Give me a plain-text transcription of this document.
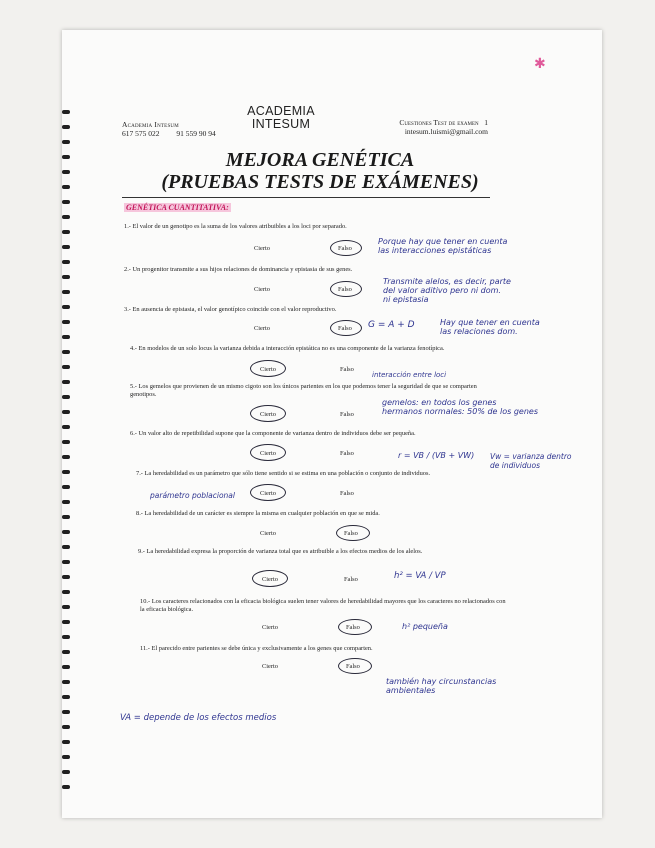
✱
Academia Intesum
617 575 022 91 559 90 94
ACADEMIA
INTESUM	Cuestiones Test de examen 1
intesum.luismi@gmail.com
MEJORA GENÉTICA
(PRUEBAS TESTS DE EXÁMENES)
GENÉTICA CUANTITATIVA:
1.- El valor de un genotipo es la suma de los valores atribuibles a los loci por separado.
Cierto	Falso
Porque hay que tener en cuenta
las interacciones epistáticas
2.- Un progenitor transmite a sus hijos relaciones de dominancia y epistasia de sus genes.
Cierto	Falso
Transmite alelos, es decir, parte
del valor aditivo pero ni dom.
ni epistasia
3.- En ausencia de epistasia, el valor genotípico coincide con el valor reproductivo.
Cierto	Falso G = A + D	Hay que tener en cuenta
las relaciones dom.
4.- En modelos de un solo locus la varianza debida a interacción epistática no es una componente de la varianza fenotípica.
Cierto	Falso
interacción entre loci
5.- Los gemelos que provienen de un mismo cigoto son los únicos parientes en los que podemos tener la seguridad de que se comparten genotipos.
Cierto	Falso
gemelos: en todos los genes
hermanos normales: 50% de los genes
6.- Un valor alto de repetibilidad supone que la componente de varianza dentro de individuos debe ser pequeña.
Cierto	Falso	r = VB / (VB + VW) Vw = varianza dentro
de individuos
7.- La heredabilidad es un parámetro que sólo tiene sentido si se estima en una población o conjunto de individuos.
parámetro poblacional	Cierto	Falso
8.- La heredabilidad de un carácter es siempre la misma en cualquier población en que se mida.
Cierto	Falso
9.- La heredabilidad expresa la proporción de varianza total que es atribuible a los efectos medios de los alelos.
Cierto	Falso	h² = VA / VP
10.- Los caracteres relacionados con la eficacia biológica suelen tener valores de heredabilidad mayores que los caracteres no relacionados con la eficacia biológica.
Cierto	Falso	h² pequeña
11.- El parecido entre parientes se debe única y exclusivamente a los genes que comparten.
Cierto	Falso
también hay circunstancias
ambientales
VA = depende de los efectos medios
